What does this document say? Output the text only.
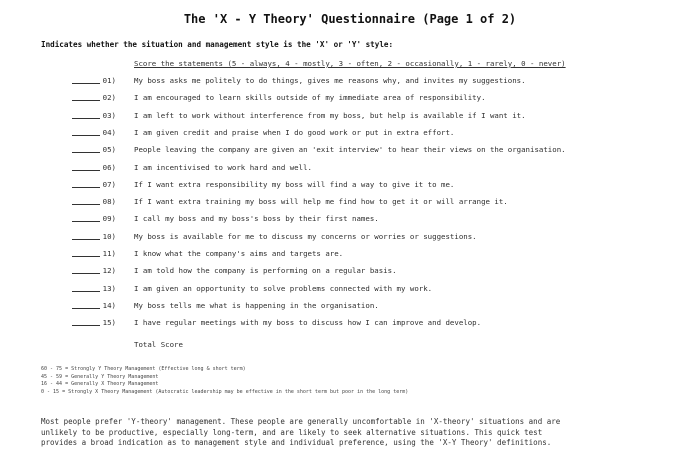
The 'X - Y Theory' Questionnaire (Page 1 of 2)
Indicates whether the situation and management style is the 'X' or 'Y' style:
Score the statements (5 - always, 4 - mostly, 3 - often, 2 - occasionally, 1 - rarely, 0 - never)
01) My boss asks me politely to do things, gives me reasons why, and invites my suggestions.
02) I am encouraged to learn skills outside of my immediate area of responsibility.
03) I am left to work without interference from my boss, but help is available if I want it.
04) I am given credit and praise when I do good work or put in extra effort.
05) People leaving the company are given an 'exit interview' to hear their views on the organisation.
06) I am incentivised to work hard and well.
07) If I want extra responsibility my boss will find a way to give it to me.
08) If I want extra training my boss will help me find how to get it or will arrange it.
09) I call my boss and my boss's boss by their first names.
10) My boss is available for me to discuss my concerns or worries or suggestions.
11) I know what the company's aims and targets are.
12) I am told how the company is performing on a regular basis.
13) I am given an opportunity to solve problems connected with my work.
14) My boss tells me what is happening in the organisation.
15) I have regular meetings with my boss to discuss how I can improve and develop.
Total Score
60 - 75 = Strongly Y Theory Management (Effective long & short term)
45 - 59 = Generally Y Theory Management
16 - 44 = Generally X Theory Management
0 - 15 = Strongly X Theory Management (Autocratic leadership may be effective in the short term but poor in the long term)
Most people prefer 'Y-theory' management. These people are generally uncomfortable in 'X-theory' situations and are
unlikely to be productive, especially long-term, and are likely to seek alternative situations. This quick test
provides a broad indication as to management style and individual preference, using the 'X-Y Theory' definitions.
